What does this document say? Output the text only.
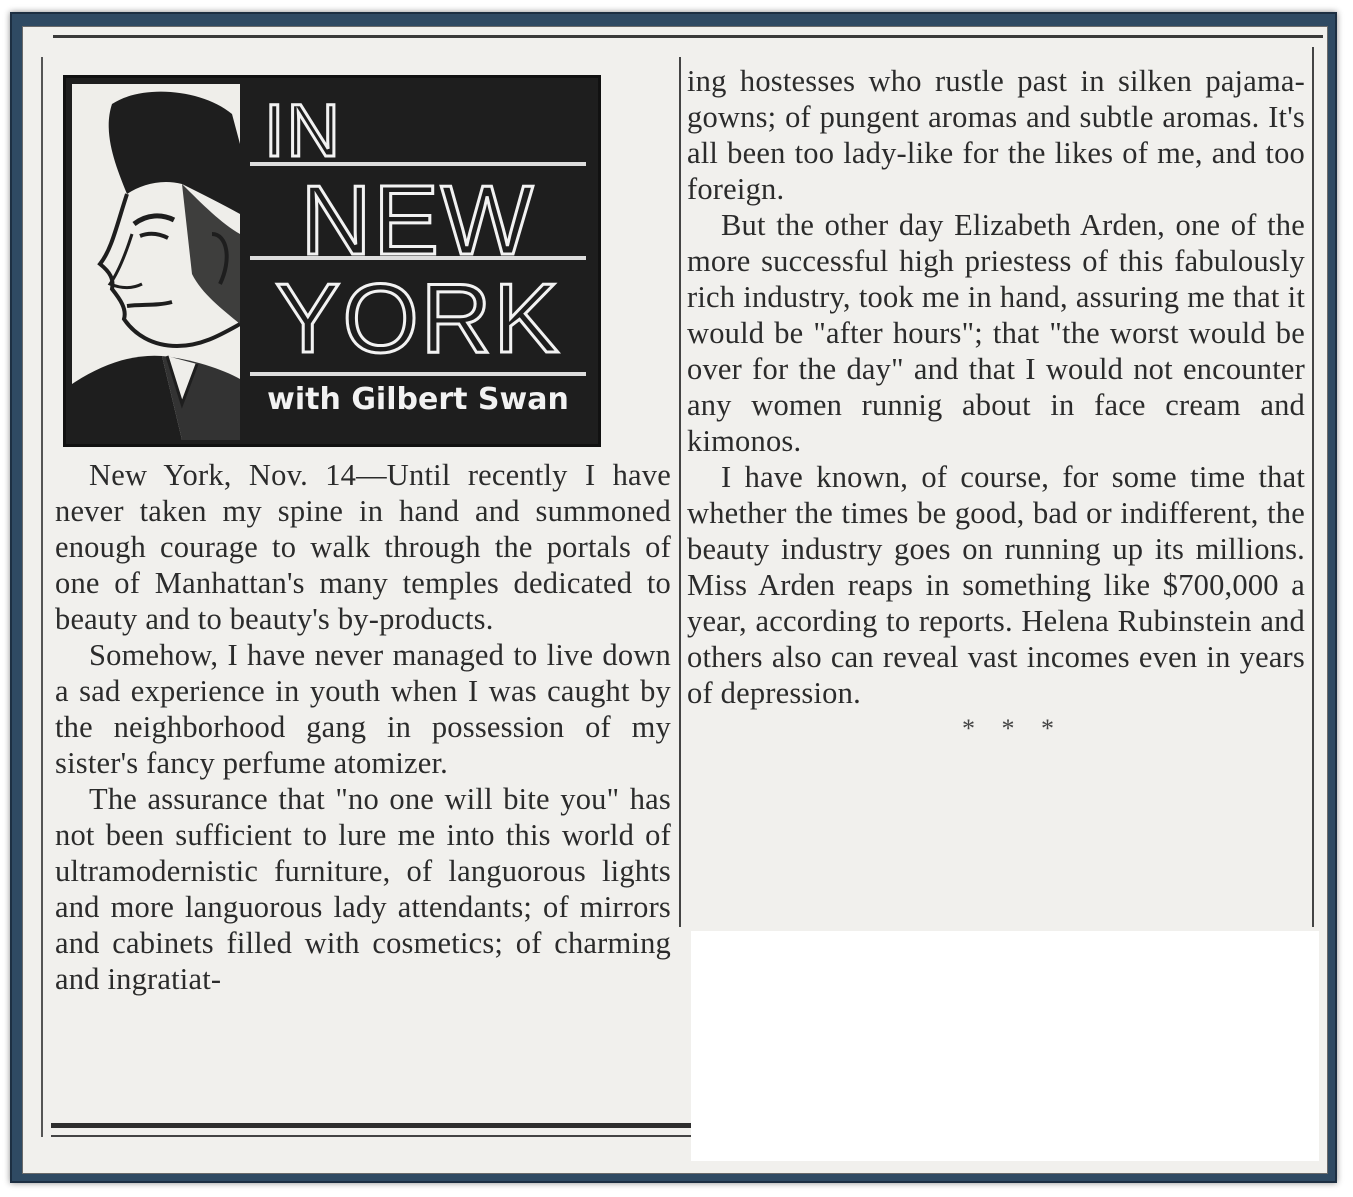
IN
NEW
YORK
with Gilbert Swan

New York, Nov. 14—Until recently I have never taken my spine in hand and summoned enough courage to walk through the portals of one of Manhattan's many temples dedicated to beauty and to beauty's by-products.

Somehow, I have never managed to live down a sad experience in youth when I was caught by the neighborhood gang in possession of my sister's fancy perfume atomizer.

The assurance that "no one will bite you" has not been sufficient to lure me into this world of ultramodernistic furniture, of languorous lights and more languorous lady attendants; of mirrors and cabinets filled with cosmetics; of charming and ingratiat-

ing hostesses who rustle past in silken pajama-gowns; of pungent aromas and subtle aromas. It's all been too lady-like for the likes of me, and too foreign.

But the other day Elizabeth Arden, one of the more successful high priestess of this fabulously rich industry, took me in hand, assuring me that it would be "after hours"; that "the worst would be over for the day" and that I would not encounter any women runnig about in face cream and kimonos.

I have known, of course, for some time that whether the times be good, bad or indifferent, the beauty industry goes on running up its millions. Miss Arden reaps in something like $700,000 a year, according to reports. Helena Rubinstein and others also can reveal vast incomes even in years of depression.

* * *
